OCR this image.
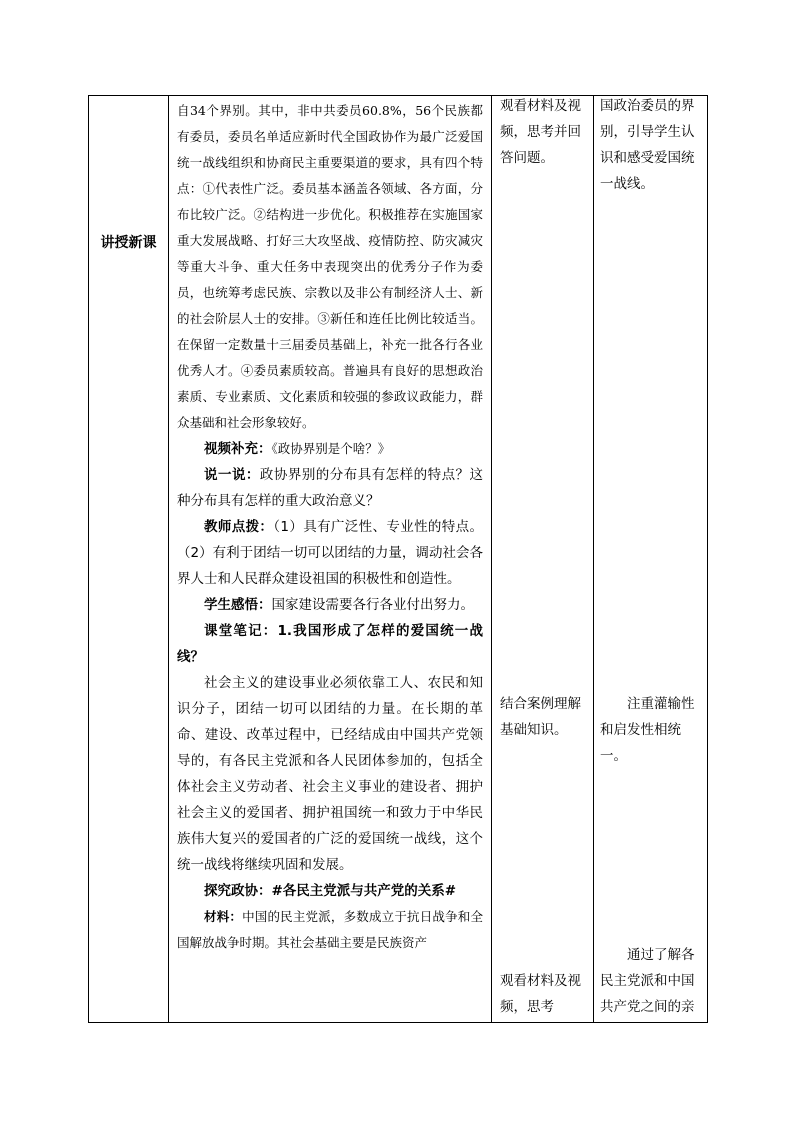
讲授新课

自34个界别。其中，非中共委员60.8%，56个民族都有委员，委员名单适应新时代全国政协作为最广泛爱国统一战线组织和协商民主重要渠道的要求，具有四个特点：①代表性广泛。委员基本涵盖各领域、各方面，分布比较广泛。②结构进一步优化。积极推荐在实施国家重大发展战略、打好三大攻坚战、疫情防控、防灾减灾等重大斗争、重大任务中表现突出的优秀分子作为委员，也统筹考虑民族、宗教以及非公有制经济人士、新的社会阶层人士的安排。③新任和连任比例比较适当。在保留一定数量十三届委员基础上，补充一批各行各业优秀人才。④委员素质较高。普遍具有良好的思想政治素质、专业素质、文化素质和较强的参政议政能力，群众基础和社会形象较好。

视频补充：《政协界别是个啥？》

说一说：政协界别的分布具有怎样的特点？这种分布具有怎样的重大政治意义？

教师点拨：（1）具有广泛性、专业性的特点。（2）有利于团结一切可以团结的力量，调动社会各界人士和人民群众建设祖国的积极性和创造性。

学生感悟：国家建设需要各行各业付出努力。

课堂笔记：1.我国形成了怎样的爱国统一战线？

社会主义的建设事业必须依靠工人、农民和知识分子，团结一切可以团结的力量。在长期的革命、建设、改革过程中，已经结成由中国共产党领导的，有各民主党派和各人民团体参加的，包括全体社会主义劳动者、社会主义事业的建设者、拥护社会主义的爱国者、拥护祖国统一和致力于中华民族伟大复兴的爱国者的广泛的爱国统一战线，这个统一战线将继续巩固和发展。

探究政协：#各民主党派与共产党的关系#

材料：中国的民主党派，多数成立于抗日战争和全国解放战争时期。其社会基础主要是民族资产

观看材料及视频，思考并回答问题。

结合案例理解基础知识。

观看材料及视频，思考

国政治委员的界别，引导学生认识和感受爱国统一战线。

注重灌输性和启发性相统一。

通过了解各民主党派和中国共产党之间的亲
